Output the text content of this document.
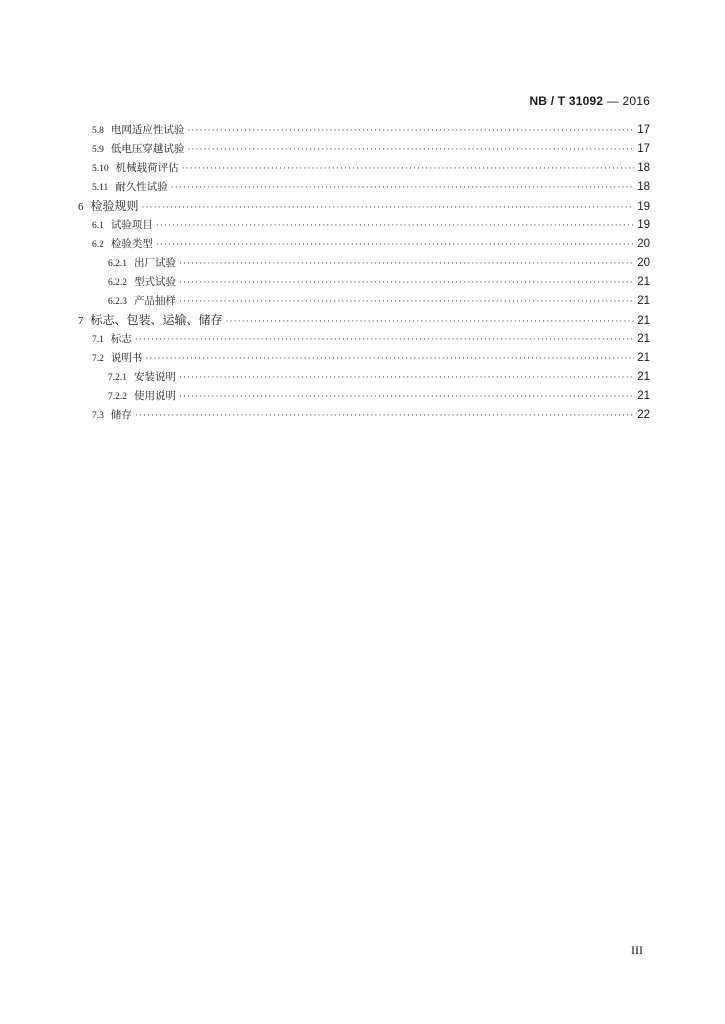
NB / T 31092 — 2016
5.8 电网适应性试验 ·····	17
5.9 低电压穿越试验 ·····	17
5.10 机械载荷评估 ·····	18
5.11 耐久性试验 ·····	18
6 检验规则 ·····	19
6.1 试验项目 ·····	19
6.2 检验类型 ·····	20
6.2.1 出厂试验 ·····	20
6.2.2 型式试验 ·····	21
6.2.3 产品抽样 ·····	21
7 标志、包装、运输、储存 ·····	21
7.1 标志 ·····	21
7.2 说明书 ·····	21
7.2.1 安装说明 ·····	21
7.2.2 使用说明 ·····	21
7.3 储存 ·····	22
III
